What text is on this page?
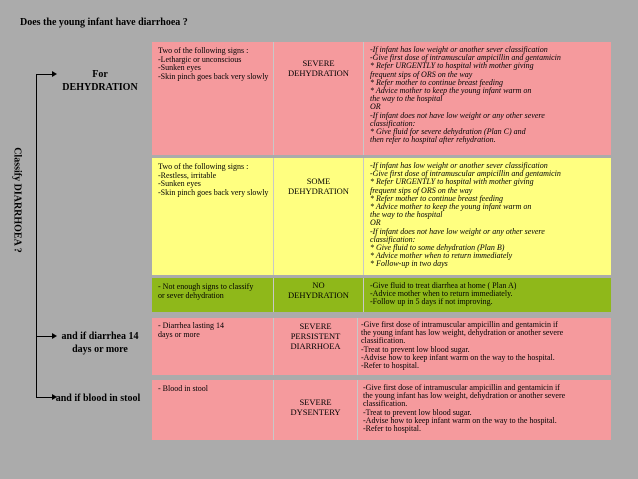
Does the young infant have diarrhoea ?
Classify DIARRHOEA ?
For
DEHYDRATION
and if diarrhea 14
days or more
and if blood in stool
Two of the following signs :
-Lethargic or unconscious
-Sunken eyes
-Skin pinch goes back very slowly
SEVERE
DEHYDRATION
-If infant has low weight or another sever classification
-Give first dose of intramuscular ampicillin and gentamicin
* Refer URGENTLY to hospital with mother giving
frequent sips of ORS on the way
* Refer mother to continue breast feeding
* Advice mother to keep the young infant warm on
the way to the hospital
OR
-If infant does not have low weight or any other severe
classification:
* Give fluid for severe dehydration (Plan C) and
then refer to hospital after rehydration.
Two of the following signs :
-Restless, irritable
-Sunken eyes
-Skin pinch goes back very slowly
SOME
DEHYDRATION
-If infant has low weight or another sever classification
-Give first dose of intramuscular ampicillin and gentamicin
* Refer URGENTLY to hospital with mother giving
frequent sips of ORS on the way
* Refer mother to continue breast feeding
* Advice mother to keep the young infant warm on
the way to the hospital
OR
-If infant does not have low weight or any other severe
classification:
* Give fluid to some dehydration (Plan B)
* Advice mother when to return immediately
* Follow-up in two days
- Not enough signs to classify
or sever dehydration
NO
DEHYDRATION
-Give fluid to treat diarrhea at home ( Plan A)
-Advice mother when to return immediately.
-Follow up in 5 days if not improving.
- Diarrhea lasting 14
days or more
SEVERE
PERSISTENT
DIARRHOEA
-Give first dose of intramuscular ampicillin and gentamicin if
the young infant has low weight, dehydration or another severe
classification.
-Treat to prevent low blood sugar.
-Advise how to keep infant warm on the way to the hospital.
-Refer to hospital.
- Blood in stool
SEVERE
DYSENTERY
-Give first dose of intramuscular ampicillin and gentamicin if
the young infant has low weight, dehydration or another severe
classification.
-Treat to prevent low blood sugar.
-Advise how to keep infant warm on the way to the hospital.
-Refer to hospital.
